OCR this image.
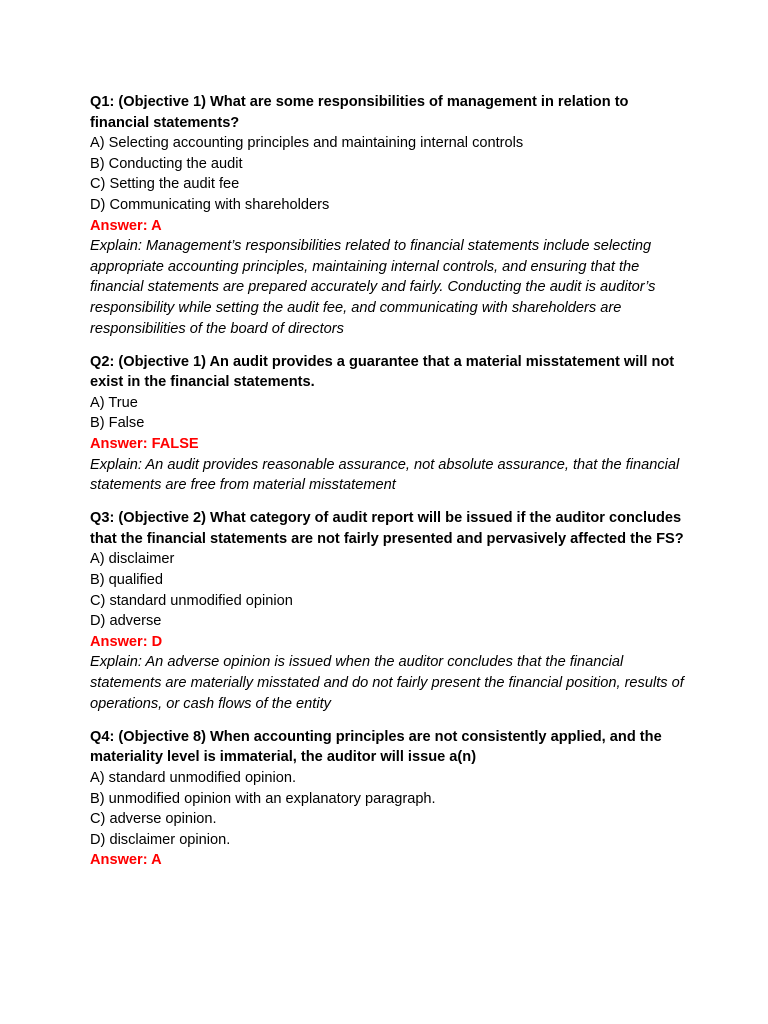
Q1: (Objective 1) What are some responsibilities of management in relation to financial statements?

A) Selecting accounting principles and maintaining internal controls

B) Conducting the audit

C) Setting the audit fee

D) Communicating with shareholders

Answer: A

Explain: Management’s responsibilities related to financial statements include selecting appropriate accounting principles, maintaining internal controls, and ensuring that the financial statements are prepared accurately and fairly. Conducting the audit is auditor’s responsibility while setting the audit fee, and communicating with shareholders are responsibilities of the board of directors

Q2: (Objective 1) An audit provides a guarantee that a material misstatement will not exist in the financial statements.

A) True

B) False

Answer: FALSE

Explain: An audit provides reasonable assurance, not absolute assurance, that the financial statements are free from material misstatement

Q3: (Objective 2) What category of audit report will be issued if the auditor concludes that the financial statements are not fairly presented and pervasively affected the FS?

A) disclaimer

B) qualified

C) standard unmodified opinion

D) adverse

Answer: D

Explain: An adverse opinion is issued when the auditor concludes that the financial statements are materially misstated and do not fairly present the financial position, results of operations, or cash flows of the entity

Q4: (Objective 8) When accounting principles are not consistently applied, and the materiality level is immaterial, the auditor will issue a(n)

A) standard unmodified opinion.

B) unmodified opinion with an explanatory paragraph.

C) adverse opinion.

D) disclaimer opinion.

Answer: A
